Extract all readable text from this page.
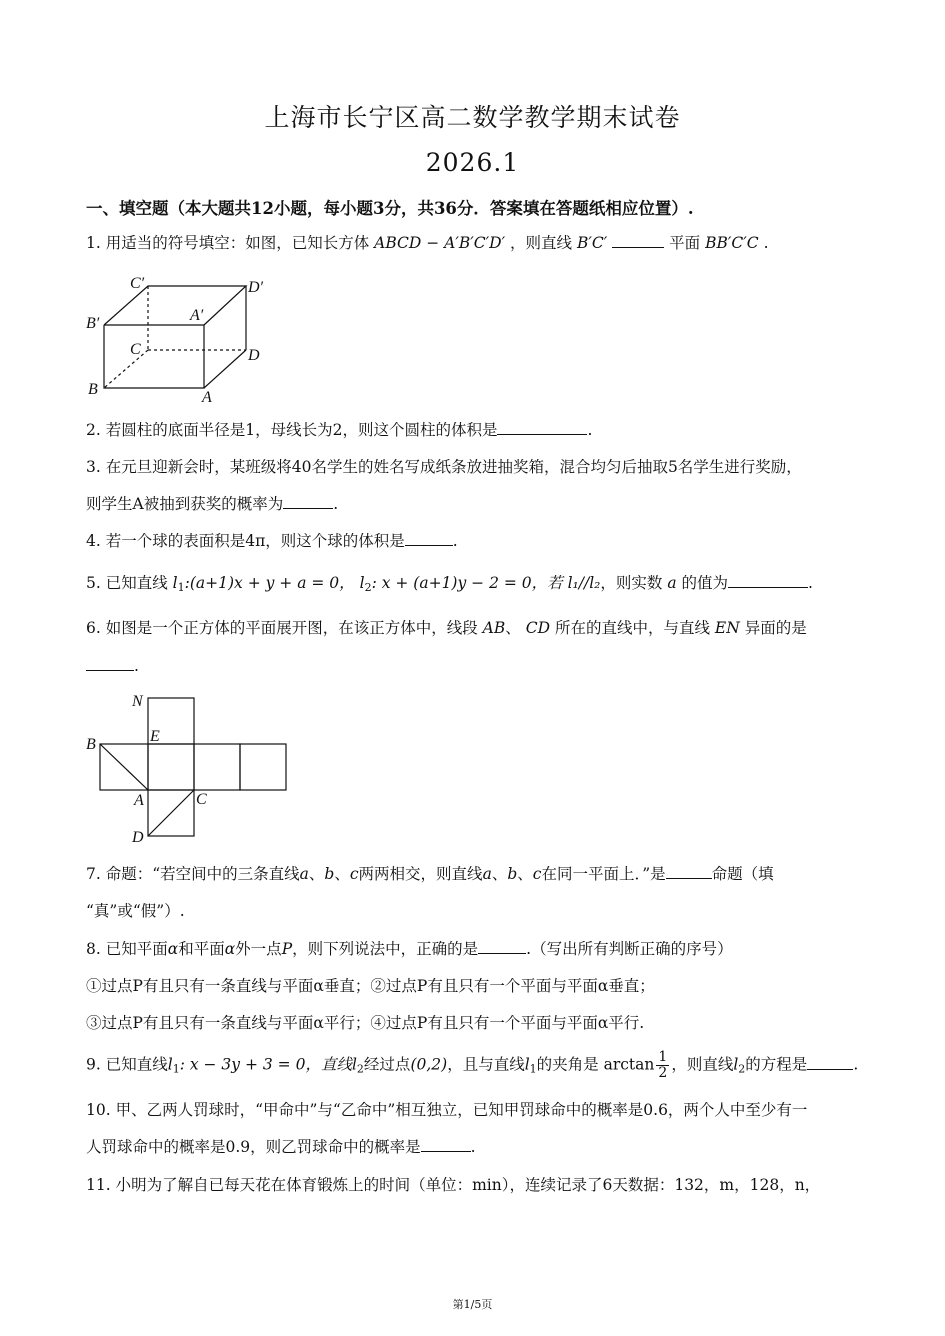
上海市长宁区高二数学教学期末试卷
2026.1
一、填空题（本大题共12小题，每小题3分，共36分．答案填在答题纸相应位置）.
1. 用适当的符号填空：如图，已知长方体 ABCD − A′B′C′D′ ，则直线 B′C′	平面 BB′C′C .
C′	D′
B′	A′
C	D
B	A
2. 若圆柱的底面半径是1，母线长为2，则这个圆柱的体积是	.
3. 在元旦迎新会时，某班级将40名学生的姓名写成纸条放进抽奖箱，混合均匀后抽取5名学生进行奖励，
则学生A被抽到获奖的概率为	.
4. 若一个球的表面积是4π，则这个球的体积是	.
5. 已知直线 $l_1:(a+1)x + y + a = 0$， $l_2$: x + (a+1)y − 2 = 0，若 l₁//l₂，则实数 a 的值为	.
6. 如图是一个正方体的平面展开图，在该正方体中，线段 AB、 CD 所在的直线中，与直线 EN 异面的是
.
N
B	E
A	C
D
7. 命题：“若空间中的三条直线a、b、c两两相交，则直线a、b、c在同一平面上．”是	命题（填
“真”或“假”）.
8. 已知平面α和平面α外一点P，则下列说法中，正确的是	.（写出所有判断正确的序号）
①过点P有且只有一条直线与平面α垂直；②过点P有且只有一个平面与平面α垂直；
③过点P有且只有一条直线与平面α平行；④过点P有且只有一个平面与平面α平行.
9. 已知直线$l_1$: x − 3y + 3 = 0，直线$l_2$经过点(0,2)，且与直线$l_1$的夹角是 $\arctan \frac{1}{2}$ ，则直线$l_2$的方程是	.
10. 甲、乙两人罚球时，“甲命中”与“乙命中”相互独立，已知甲罚球命中的概率是0.6，两个人中至少有一
人罚球命中的概率是0.9，则乙罚球命中的概率是	.
11. 小明为了解自已每天花在体育锻炼上的时间（单位：min），连续记录了6天数据：132，m，128，n，
第1/5页
